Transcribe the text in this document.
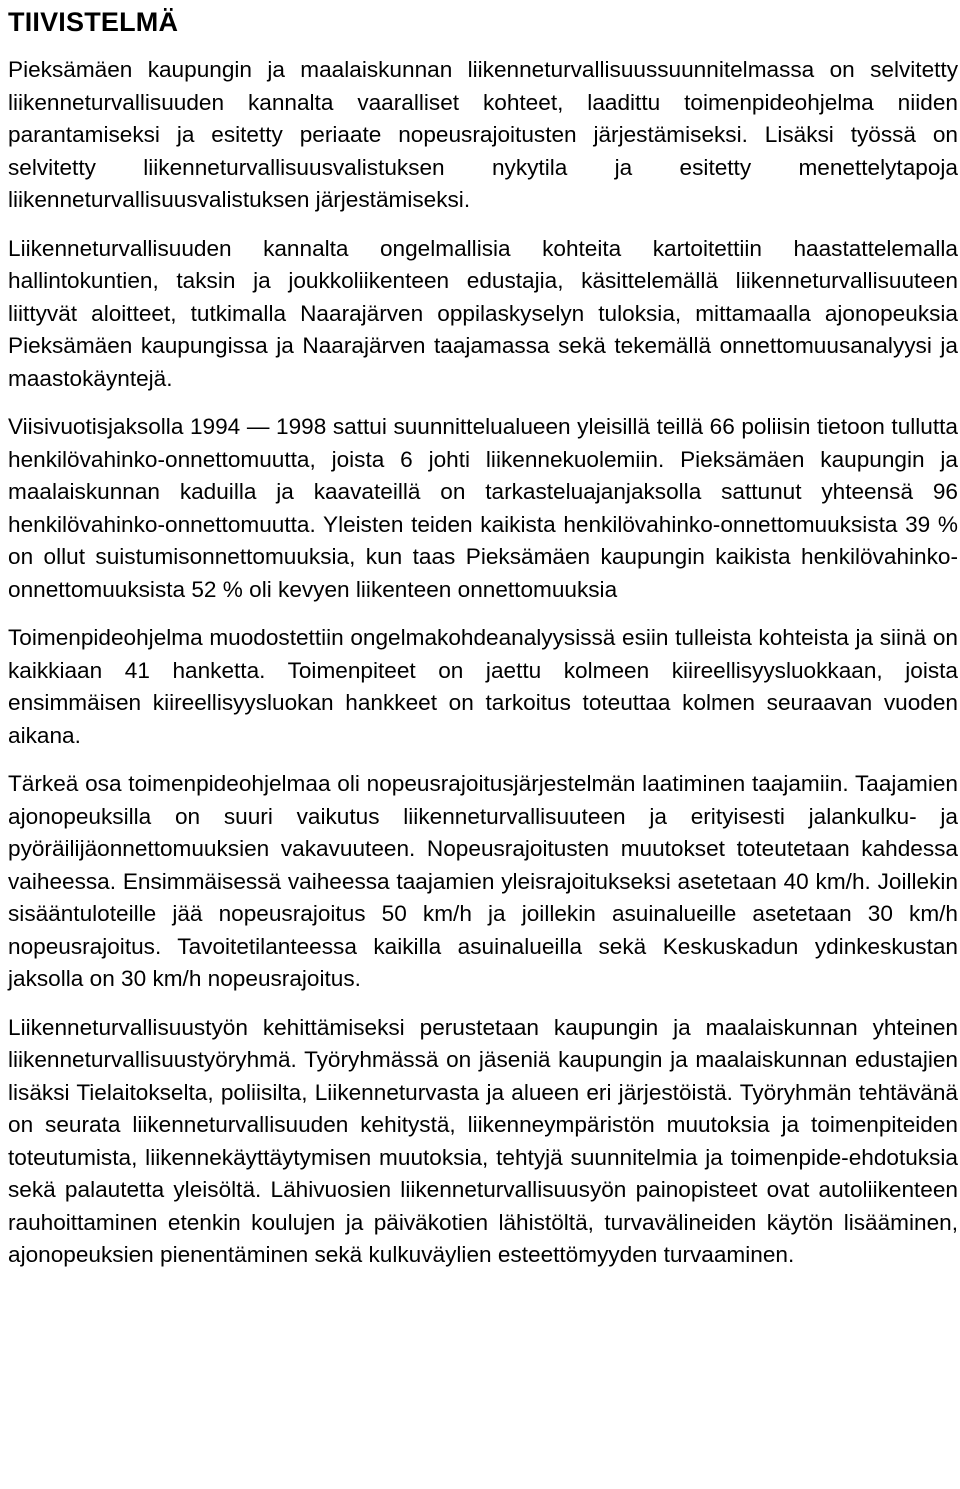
TIIVISTELMÄ

Pieksämäen kaupungin ja maalaiskunnan liikenneturvallisuussuunnitelmassa on selvitetty liikenneturvallisuuden kannalta vaaralliset kohteet, laadittu toimenpideohjelma niiden parantamiseksi ja esitetty periaate nopeusrajoitusten järjestämiseksi. Lisäksi työssä on selvitetty liikenneturvallisuusvalistuksen nykytila ja esitetty menettelytapoja liikenneturvallisuusvalistuksen järjestämiseksi.

Liikenneturvallisuuden kannalta ongelmallisia kohteita kartoitettiin haastattelemalla hallintokuntien, taksin ja joukkoliikenteen edustajia, käsittelemällä liikenneturvallisuuteen liittyvät aloitteet, tutkimalla Naarajärven oppilaskyselyn tuloksia, mittamaalla ajonopeuksia Pieksämäen kaupungissa ja Naarajärven taajamassa sekä tekemällä onnettomuusanalyysi ja maastokäyntejä.

Viisivuotisjaksolla 1994 — 1998 sattui suunnittelualueen yleisillä teillä 66 poliisin tietoon tullutta henkilövahinko-onnettomuutta, joista 6 johti liikennekuolemiin. Pieksämäen kaupungin ja maalaiskunnan kaduilla ja kaavateillä on tarkasteluajanjaksolla sattunut yhteensä 96 henkilövahinko-onnettomuutta. Yleisten teiden kaikista henkilövahinko-onnettomuuksista 39 % on ollut suistumisonnettomuuksia, kun taas Pieksämäen kaupungin kaikista henkilövahinko-onnettomuuksista 52 % oli kevyen liikenteen onnettomuuksia

Toimenpideohjelma muodostettiin ongelmakohdeanalyysissä esiin tulleista kohteista ja siinä on kaikkiaan 41 hanketta. Toimenpiteet on jaettu kolmeen kiireellisyysluokkaan, joista ensimmäisen kiireellisyysluokan hankkeet on tarkoitus toteuttaa kolmen seuraavan vuoden aikana.

Tärkeä osa toimenpideohjelmaa oli nopeusrajoitusjärjestelmän laatiminen taajamiin. Taajamien ajonopeuksilla on suuri vaikutus liikenneturvallisuuteen ja erityisesti jalankulku- ja pyöräilijäonnettomuuksien vakavuuteen. Nopeusrajoitusten muutokset toteutetaan kahdessa vaiheessa. Ensimmäisessä vaiheessa taajamien yleisrajoitukseksi asetetaan 40 km/h. Joillekin sisääntuloteille jää nopeusrajoitus 50 km/h ja joillekin asuinalueille asetetaan 30 km/h nopeusrajoitus. Tavoitetilanteessa kaikilla asuinalueilla sekä Keskuskadun ydinkeskustan jaksolla on 30 km/h nopeusrajoitus.

Liikenneturvallisuustyön kehittämiseksi perustetaan kaupungin ja maalaiskunnan yhteinen liikenneturvallisuustyöryhmä. Työryhmässä on jäseniä kaupungin ja maalaiskunnan edustajien lisäksi Tielaitokselta, poliisilta, Liikenneturvasta ja alueen eri järjestöistä. Työryhmän tehtävänä on seurata liikenneturvallisuuden kehitystä, liikenneympäristön muutoksia ja toimenpiteiden toteutumista, liikennekäyttäytymisen muutoksia, tehtyjä suunnitelmia ja toimenpide-ehdotuksia sekä palautetta yleisöltä. Lähivuosien liikenneturvallisuusyön painopisteet ovat autoliikenteen rauhoittaminen etenkin koulujen ja päiväkotien lähistöltä, turvavälineiden käytön lisääminen, ajonopeuksien pienentäminen sekä kulkuväylien esteettömyyden turvaaminen.
